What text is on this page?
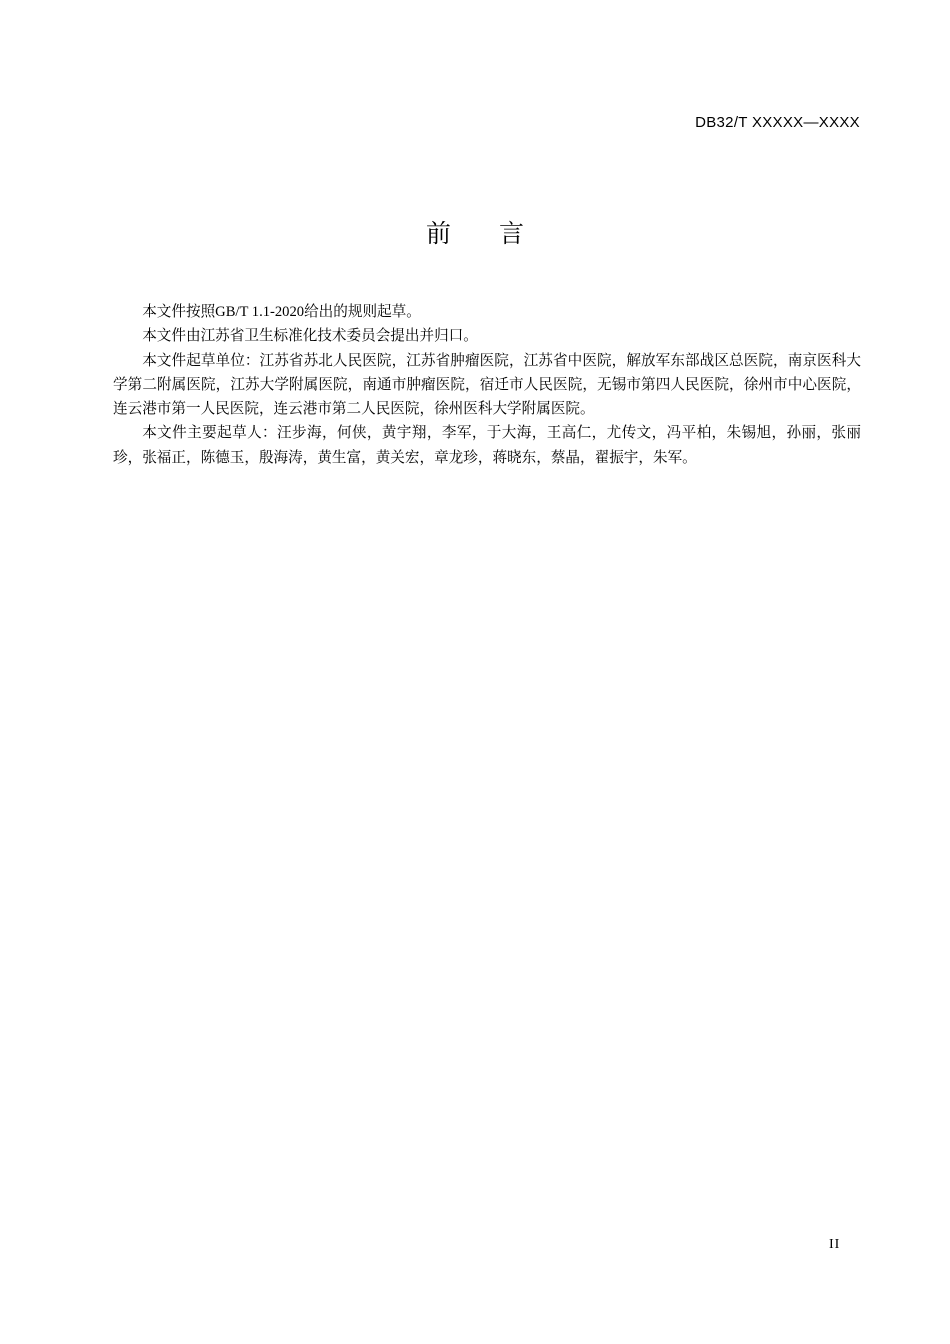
DB32/T XXXXX—XXXX
前 言

本文件按照GB/T 1.1-2020给出的规则起草。

本文件由江苏省卫生标准化技术委员会提出并归口。

本文件起草单位：江苏省苏北人民医院，江苏省肿瘤医院，江苏省中医院，解放军东部战区总医院，南京医科大学第二附属医院，江苏大学附属医院，南通市肿瘤医院，宿迁市人民医院，无锡市第四人民医院，徐州市中心医院，连云港市第一人民医院，连云港市第二人民医院，徐州医科大学附属医院。

本文件主要起草人：汪步海，何侠，黄宇翔，李军，于大海，王高仁，尤传文，冯平柏，朱锡旭，孙丽，张丽珍，张福正，陈德玉，殷海涛，黄生富，黄关宏，章龙珍，蒋晓东，蔡晶，翟振宇，朱军。

II
